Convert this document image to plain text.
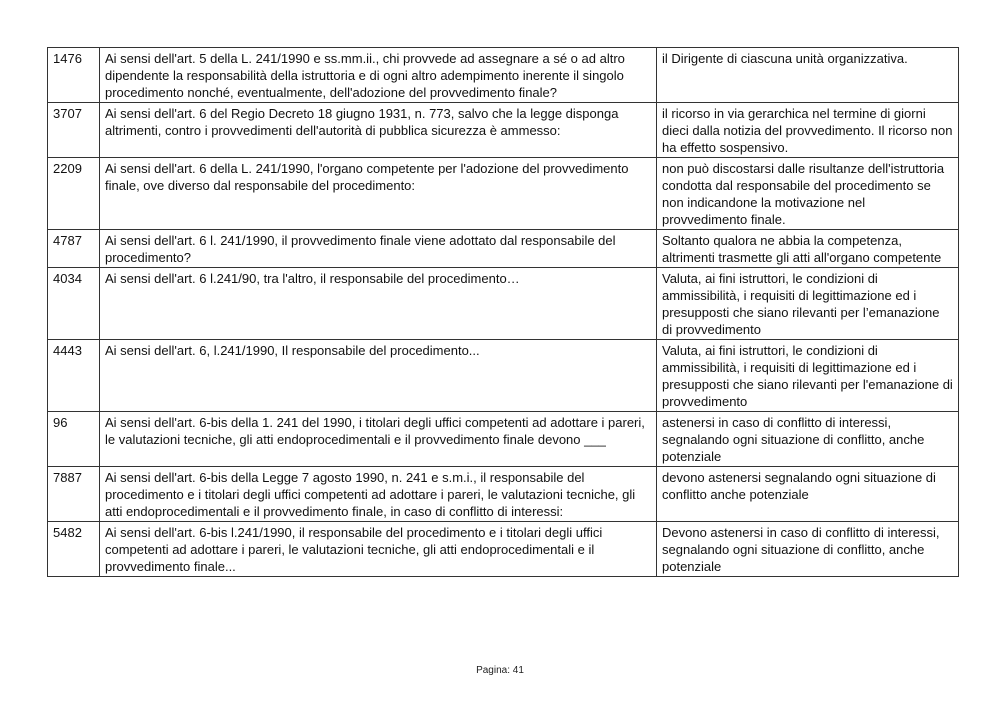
1476	Ai sensi dell'art. 5 della L. 241/1990 e ss.mm.ii., chi provvede ad assegnare a sé o ad altro dipendente la responsabilità della istruttoria e di ogni altro adempimento inerente il singolo procedimento nonché, eventualmente, dell'adozione del provvedimento finale?	il Dirigente di ciascuna unità organizzativa.
3707	Ai sensi dell'art. 6 del Regio Decreto 18 giugno 1931, n. 773, salvo che la legge disponga altrimenti, contro i provvedimenti dell'autorità di pubblica sicurezza è ammesso:	il ricorso in via gerarchica nel termine di giorni dieci dalla notizia del provvedimento. Il ricorso non ha effetto sospensivo.
2209	Ai sensi dell'art. 6 della L. 241/1990, l'organo competente per l'adozione del provvedimento finale, ove diverso dal responsabile del procedimento:	non può discostarsi dalle risultanze dell'istruttoria condotta dal responsabile del procedimento se non indicandone la motivazione nel provvedimento finale.
4787	Ai sensi dell'art. 6 l. 241/1990, il provvedimento finale viene adottato dal responsabile del procedimento?	Soltanto qualora ne abbia la competenza, altrimenti trasmette gli atti all'organo competente
4034	Ai sensi dell'art. 6 l.241/90, tra l'altro, il responsabile del procedimento…	Valuta, ai fini istruttori, le condizioni di ammissibilità, i requisiti di legittimazione ed i presupposti che siano rilevanti per l’emanazione di provvedimento
4443	Ai sensi dell'art. 6, l.241/1990, Il responsabile del procedimento...	Valuta, ai fini istruttori, le condizioni di ammissibilità, i requisiti di legittimazione ed i presupposti che siano rilevanti per l'emanazione di provvedimento
96	Ai sensi dell'art. 6-bis della 1. 241 del 1990, i titolari degli uffici competenti ad adottare i pareri, le valutazioni tecniche, gli atti endoprocedimentali e il provvedimento finale devono ___	astenersi in caso di conflitto di interessi, segnalando ogni situazione di conflitto, anche potenziale
7887	Ai sensi dell'art. 6-bis della Legge 7 agosto 1990, n. 241 e s.m.i., il responsabile del procedimento e i titolari degli uffici competenti ad adottare i pareri, le valutazioni tecniche, gli atti endoprocedimentali e il provvedimento finale, in caso di conflitto di interessi:	devono astenersi segnalando ogni situazione di conflitto anche potenziale
5482	Ai sensi dell'art. 6-bis l.241/1990, il responsabile del procedimento e i titolari degli uffici competenti ad adottare i pareri, le valutazioni tecniche, gli atti endoprocedimentali e il provvedimento finale...	Devono astenersi in caso di conflitto di interessi, segnalando ogni situazione di conflitto, anche potenziale
Pagina: 41
